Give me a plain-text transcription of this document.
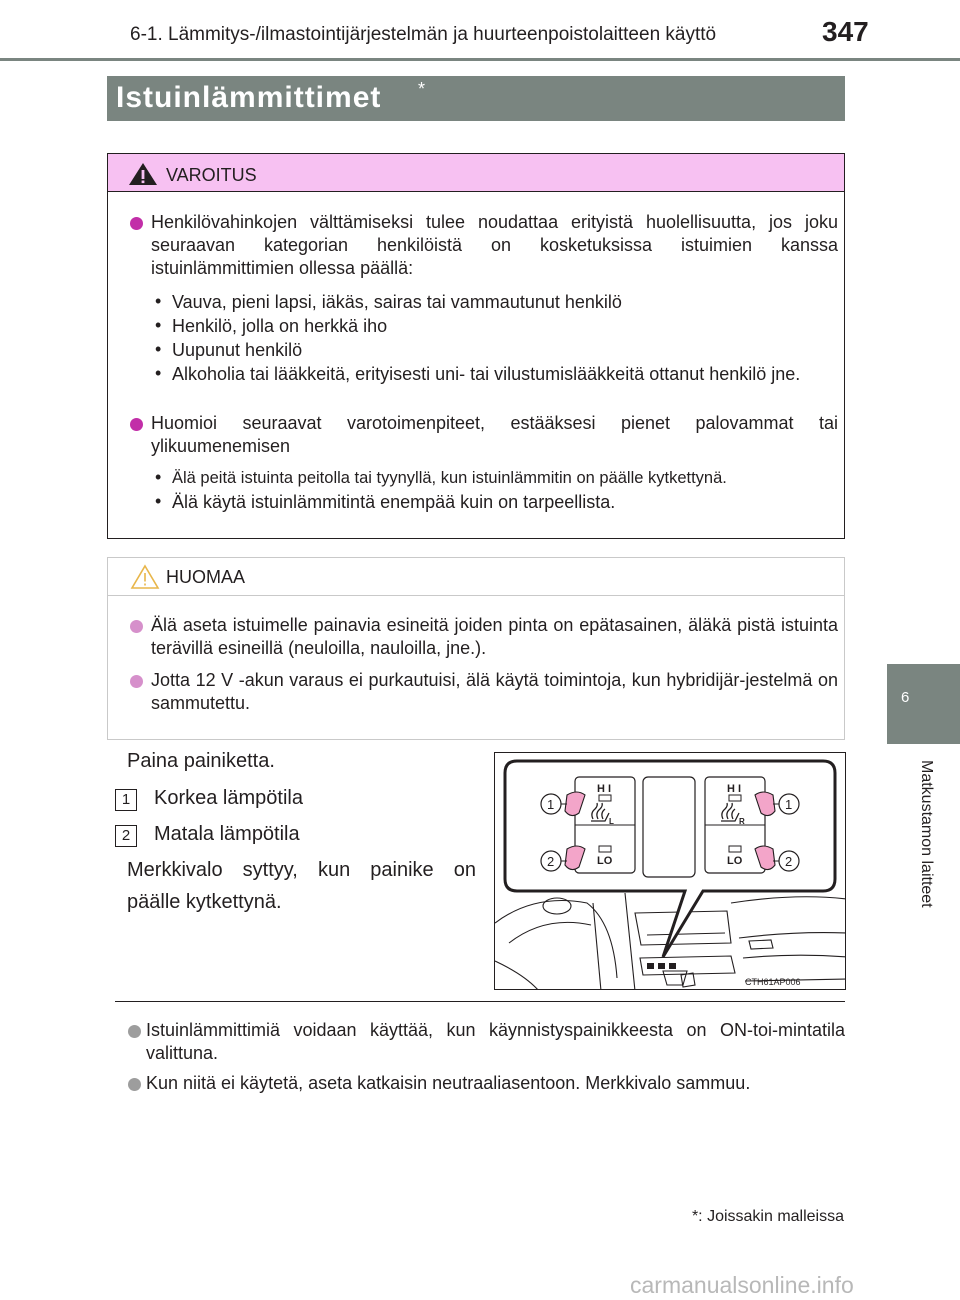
6-1. Lämmitys-/ilmastointijärjestelmän ja huurteenpoistolaitteen käyttö	347
6
Matkustamon laitteet
Istuinlämmittimet *
VAROITUS
Henkilövahinkojen välttämiseksi tulee noudattaa erityistä huolellisuutta, jos joku seuraavan kategorian henkilöistä on kosketuksissa istuimien kanssa istuinlämmittimien ollessa päällä:
• Vauva, pieni lapsi, iäkäs, sairas tai vammautunut henkilö
• Henkilö, jolla on herkkä iho
• Uupunut henkilö
• Alkoholia tai lääkkeitä, erityisesti uni- tai vilustumislääkkeitä ottanut henkilö jne.
Huomioi seuraavat varotoimenpiteet, estääksesi pienet palovammat tai ylikuumenemisen
• Älä peitä istuinta peitolla tai tyynyllä, kun istuinlämmitin on päälle kytkettynä.
• Älä käytä istuinlämmitintä enempää kuin on tarpeellista.
HUOMAA
Älä aseta istuimelle painavia esineitä joiden pinta on epätasainen, äläkä pistä istuinta terävillä esineillä (neuloilla, nauloilla, jne.).
Jotta 12 V -akun varaus ei purkautuisi, älä käytä toimintoja, kun hybridijär-jestelmä on sammutettu.
Paina painiketta.
1	Korkea lämpötila
2	Matala lämpötila
Merkkivalo syttyy, kun painike on
päälle kytkettynä.
H I
LO
L
H I
LO
R
1	1
2	2
CTH61AP006
Istuinlämmittimiä voidaan käyttää, kun käynnistyspainikkeesta on ON-toi-mintatila valittuna.
Kun niitä ei käytetä, aseta katkaisin neutraaliasentoon. Merkkivalo sammuu.
*: Joissakin malleissa
carmanualsonline.info
